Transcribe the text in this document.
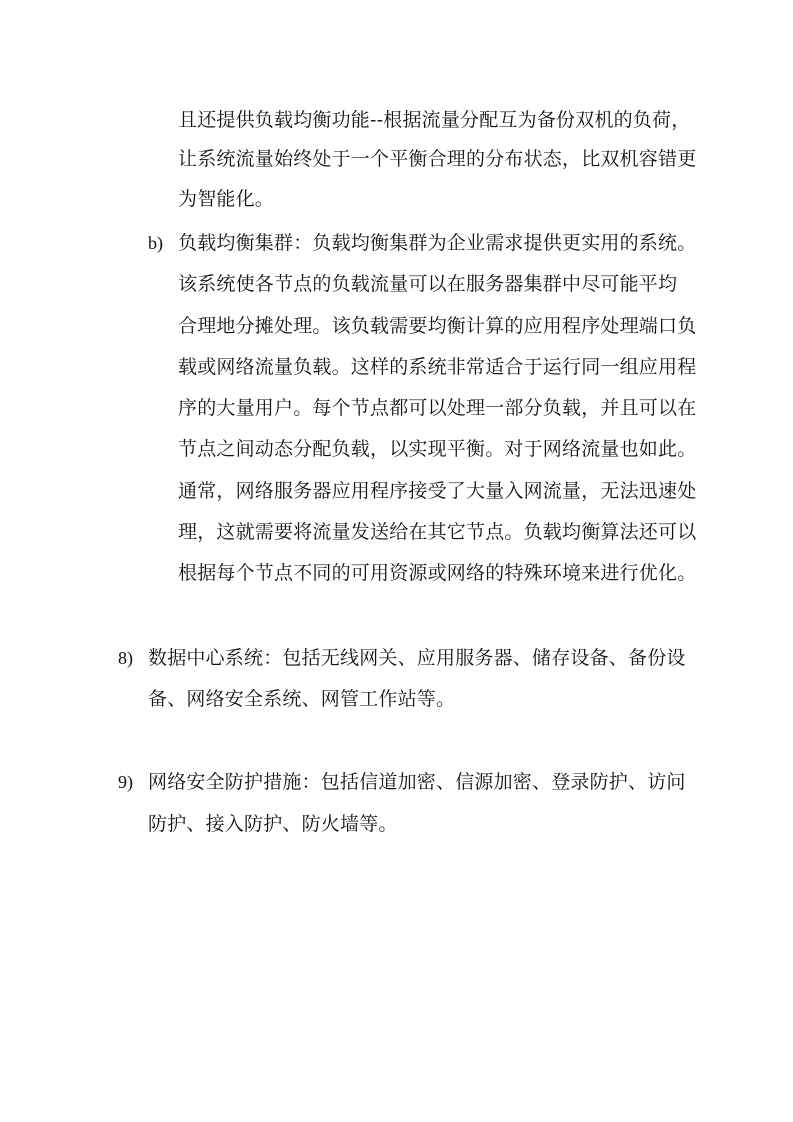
且还提供负载均衡功能--根据流量分配互为备份双机的负荷，
让系统流量始终处于一个平衡合理的分布状态，比双机容错更
为智能化。
b) 负载均衡集群：负载均衡集群为企业需求提供更实用的系统。
该系统使各节点的负载流量可以在服务器集群中尽可能平均
合理地分摊处理。该负载需要均衡计算的应用程序处理端口负
载或网络流量负载。这样的系统非常适合于运行同一组应用程
序的大量用户。每个节点都可以处理一部分负载，并且可以在
节点之间动态分配负载，以实现平衡。对于网络流量也如此。
通常，网络服务器应用程序接受了大量入网流量，无法迅速处
理，这就需要将流量发送给在其它节点。负载均衡算法还可以
根据每个节点不同的可用资源或网络的特殊环境来进行优化。
8) 数据中心系统：包括无线网关、应用服务器、储存设备、备份设
备、网络安全系统、网管工作站等。
9) 网络安全防护措施：包括信道加密、信源加密、登录防护、访问
防护、接入防护、防火墙等。
